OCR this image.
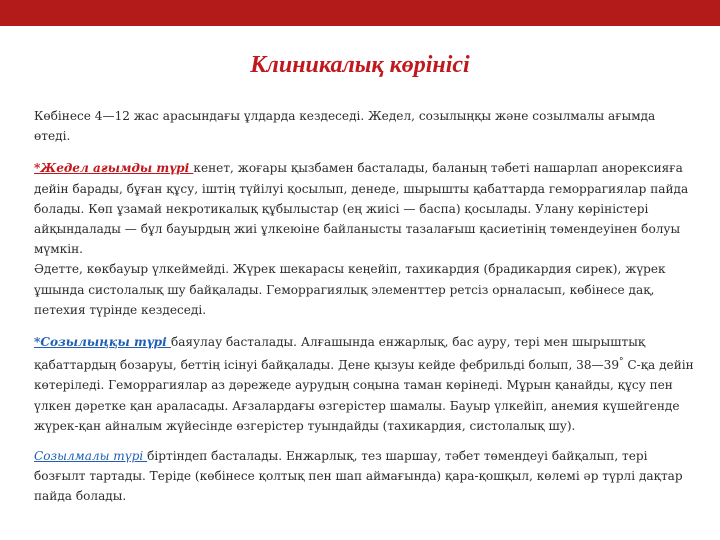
Клиникалық көрінісі

Көбінесе 4—12 жас арасындағы ұлдарда кездеседі. Жедел, созылыңқы және созылмалы ағымда өтеді.

*Жедел ағымды түрі кенет, жоғары қызбамен басталады, баланың тәбеті нашарлап анорексияға дейін барады, бұған құсу, іштің түйілуі қосылып, денеде, шырышты қабаттарда геморрагиялар пайда болады. Көп ұзамай некротикалық құбылыстар (ең жиісі — баспа) қосылады. Улану көріністері айқындалады — бұл бауырдың жиі ұлкеюіне байланысты тазалағыш қасиетінің төмендеуінен болуы мүмкін.

Әдетте, көкбауыр үлкеймейді. Жүрек шекарасы кеңейіп, тахикардия (брадикардия сирек), жүрек ұшында систолалық шу байқалады. Геморрагиялық элементтер ретсіз орналасып, көбінесе дақ, петехия түрінде кездеседі.

*Созылыңқы түрі баяулау басталады. Алғашында енжарлық, бас ауру, тері мен шырыштық қабаттардың бозаруы, беттің ісінуі байқалады. Дене қызуы кейде фебрильді болып, 38—39° С-қа дейін көтеріледі. Геморрагиялар аз дәрежеде аурудың соңына таман көрінеді. Мұрын қанайды, құсу пен үлкен дәретке қан араласады. Ағзалардағы өзгерістер шамалы. Бауыр үлкейіп, анемия күшейгенде жүрек-қан айналым жүйесінде өзгерістер туындайды (тахикардия, систолалық шу).

Созылмалы түрі біртіндеп басталады. Енжарлық, тез шаршау, тәбет төмендеуі байқалып, тері бозғылт тартады. Теріде (көбінесе қолтық пен шап аймағында) қара-қошқыл, көлемі әр түрлі дақтар пайда болады.
